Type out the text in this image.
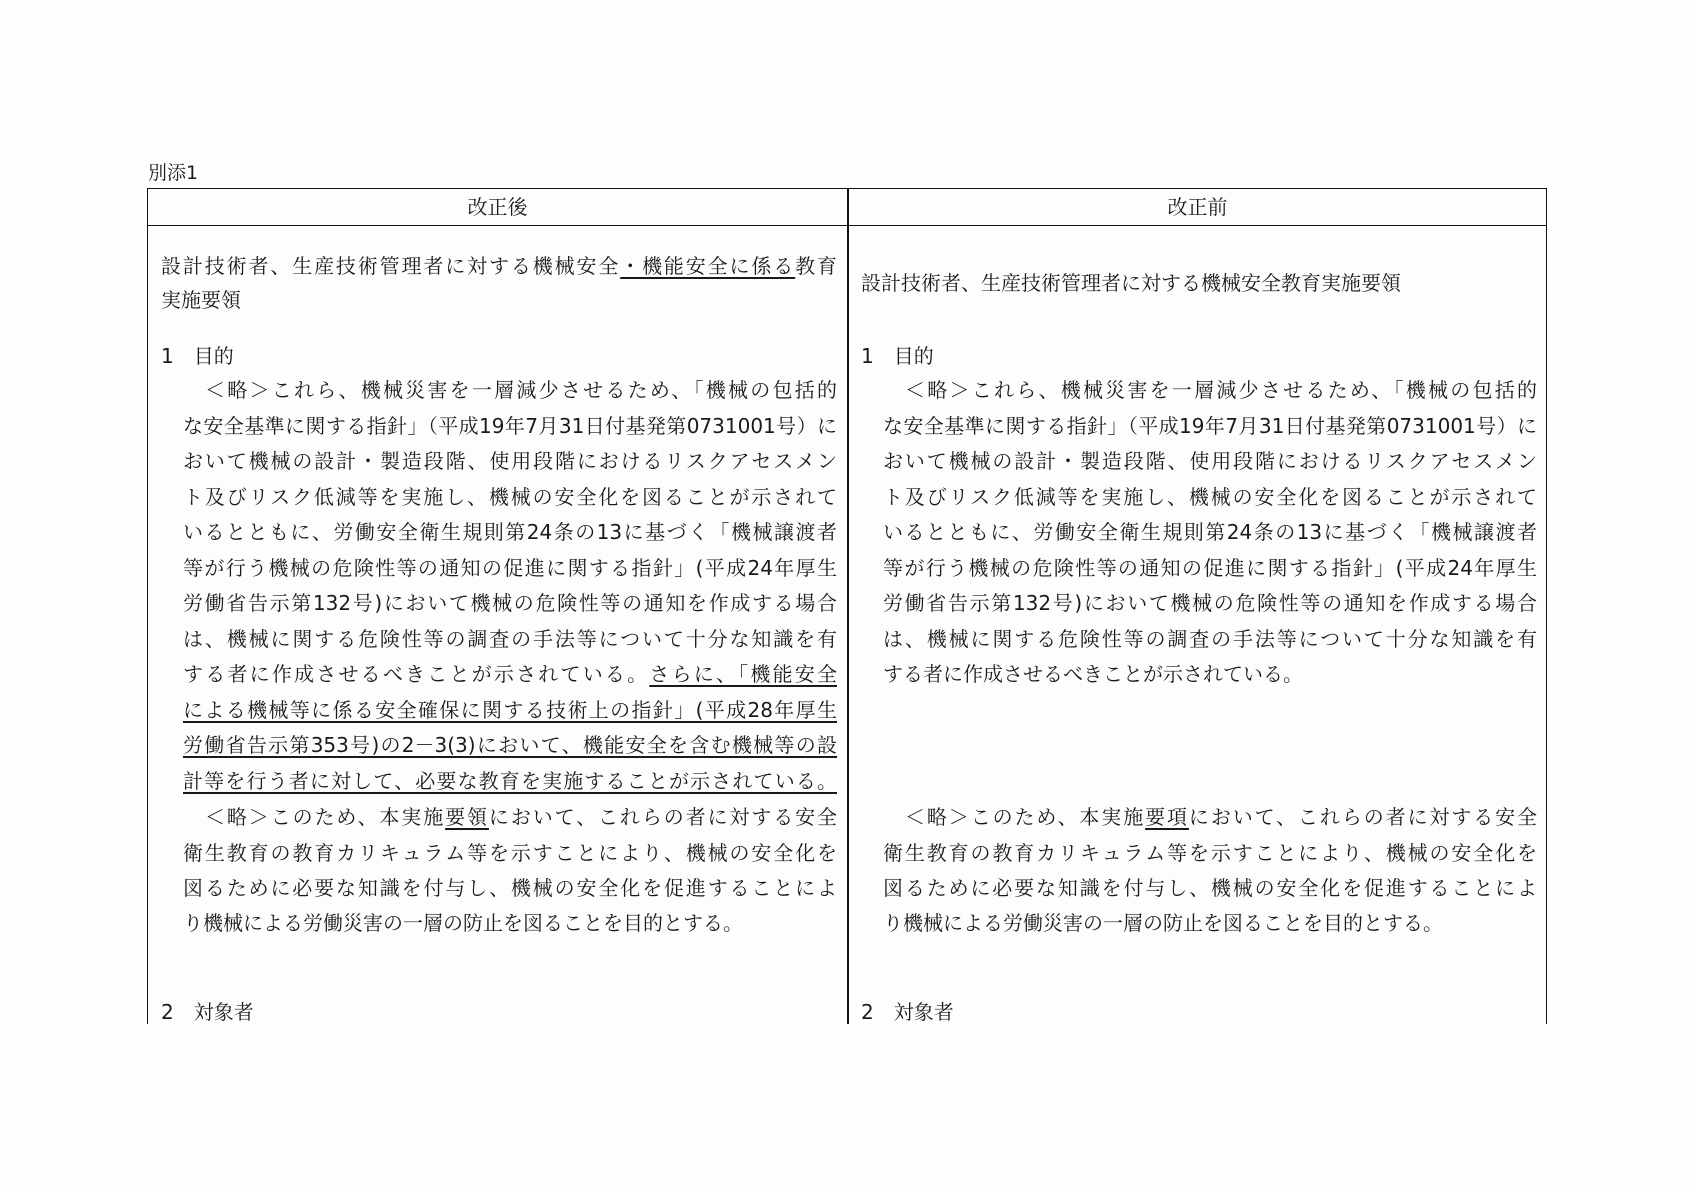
別添1
改正後	改正前
設計技術者、生産技術管理者に対する機械安全・機能安全に係る教育
実施要領
1　目的
＜略＞これら、機械災害を一層減少させるため、「機械の包括的
な安全基準に関する指針」（平成19年7月31日付基発第0731001号）に
おいて機械の設計・製造段階、使用段階におけるリスクアセスメン
ト及びリスク低減等を実施し、機械の安全化を図ることが示されて
いるとともに、労働安全衛生規則第24条の13に基づく「機械譲渡者
等が行う機械の危険性等の通知の促進に関する指針」(平成24年厚生
労働省告示第132号)において機械の危険性等の通知を作成する場合
は、機械に関する危険性等の調査の手法等について十分な知識を有
する者に作成させるべきことが示されている。さらに、「機能安全
による機械等に係る安全確保に関する技術上の指針」(平成28年厚生
労働省告示第353号)の2－3(3)において、機能安全を含む機械等の設
計等を行う者に対して、必要な教育を実施することが示されている。
＜略＞このため、本実施要領において、これらの者に対する安全
衛生教育の教育カリキュラム等を示すことにより、機械の安全化を
図るために必要な知識を付与し、機械の安全化を促進することによ
り機械による労働災害の一層の防止を図ることを目的とする。
2　対象者
設計技術者、生産技術管理者に対する機械安全教育実施要領
1　目的
＜略＞これら、機械災害を一層減少させるため、「機械の包括的
な安全基準に関する指針」（平成19年7月31日付基発第0731001号）に
おいて機械の設計・製造段階、使用段階におけるリスクアセスメン
ト及びリスク低減等を実施し、機械の安全化を図ることが示されて
いるとともに、労働安全衛生規則第24条の13に基づく「機械譲渡者
等が行う機械の危険性等の通知の促進に関する指針」(平成24年厚生
労働省告示第132号)において機械の危険性等の通知を作成する場合
は、機械に関する危険性等の調査の手法等について十分な知識を有
する者に作成させるべきことが示されている。
＜略＞このため、本実施要項において、これらの者に対する安全
衛生教育の教育カリキュラム等を示すことにより、機械の安全化を
図るために必要な知識を付与し、機械の安全化を促進することによ
り機械による労働災害の一層の防止を図ることを目的とする。
2　対象者
